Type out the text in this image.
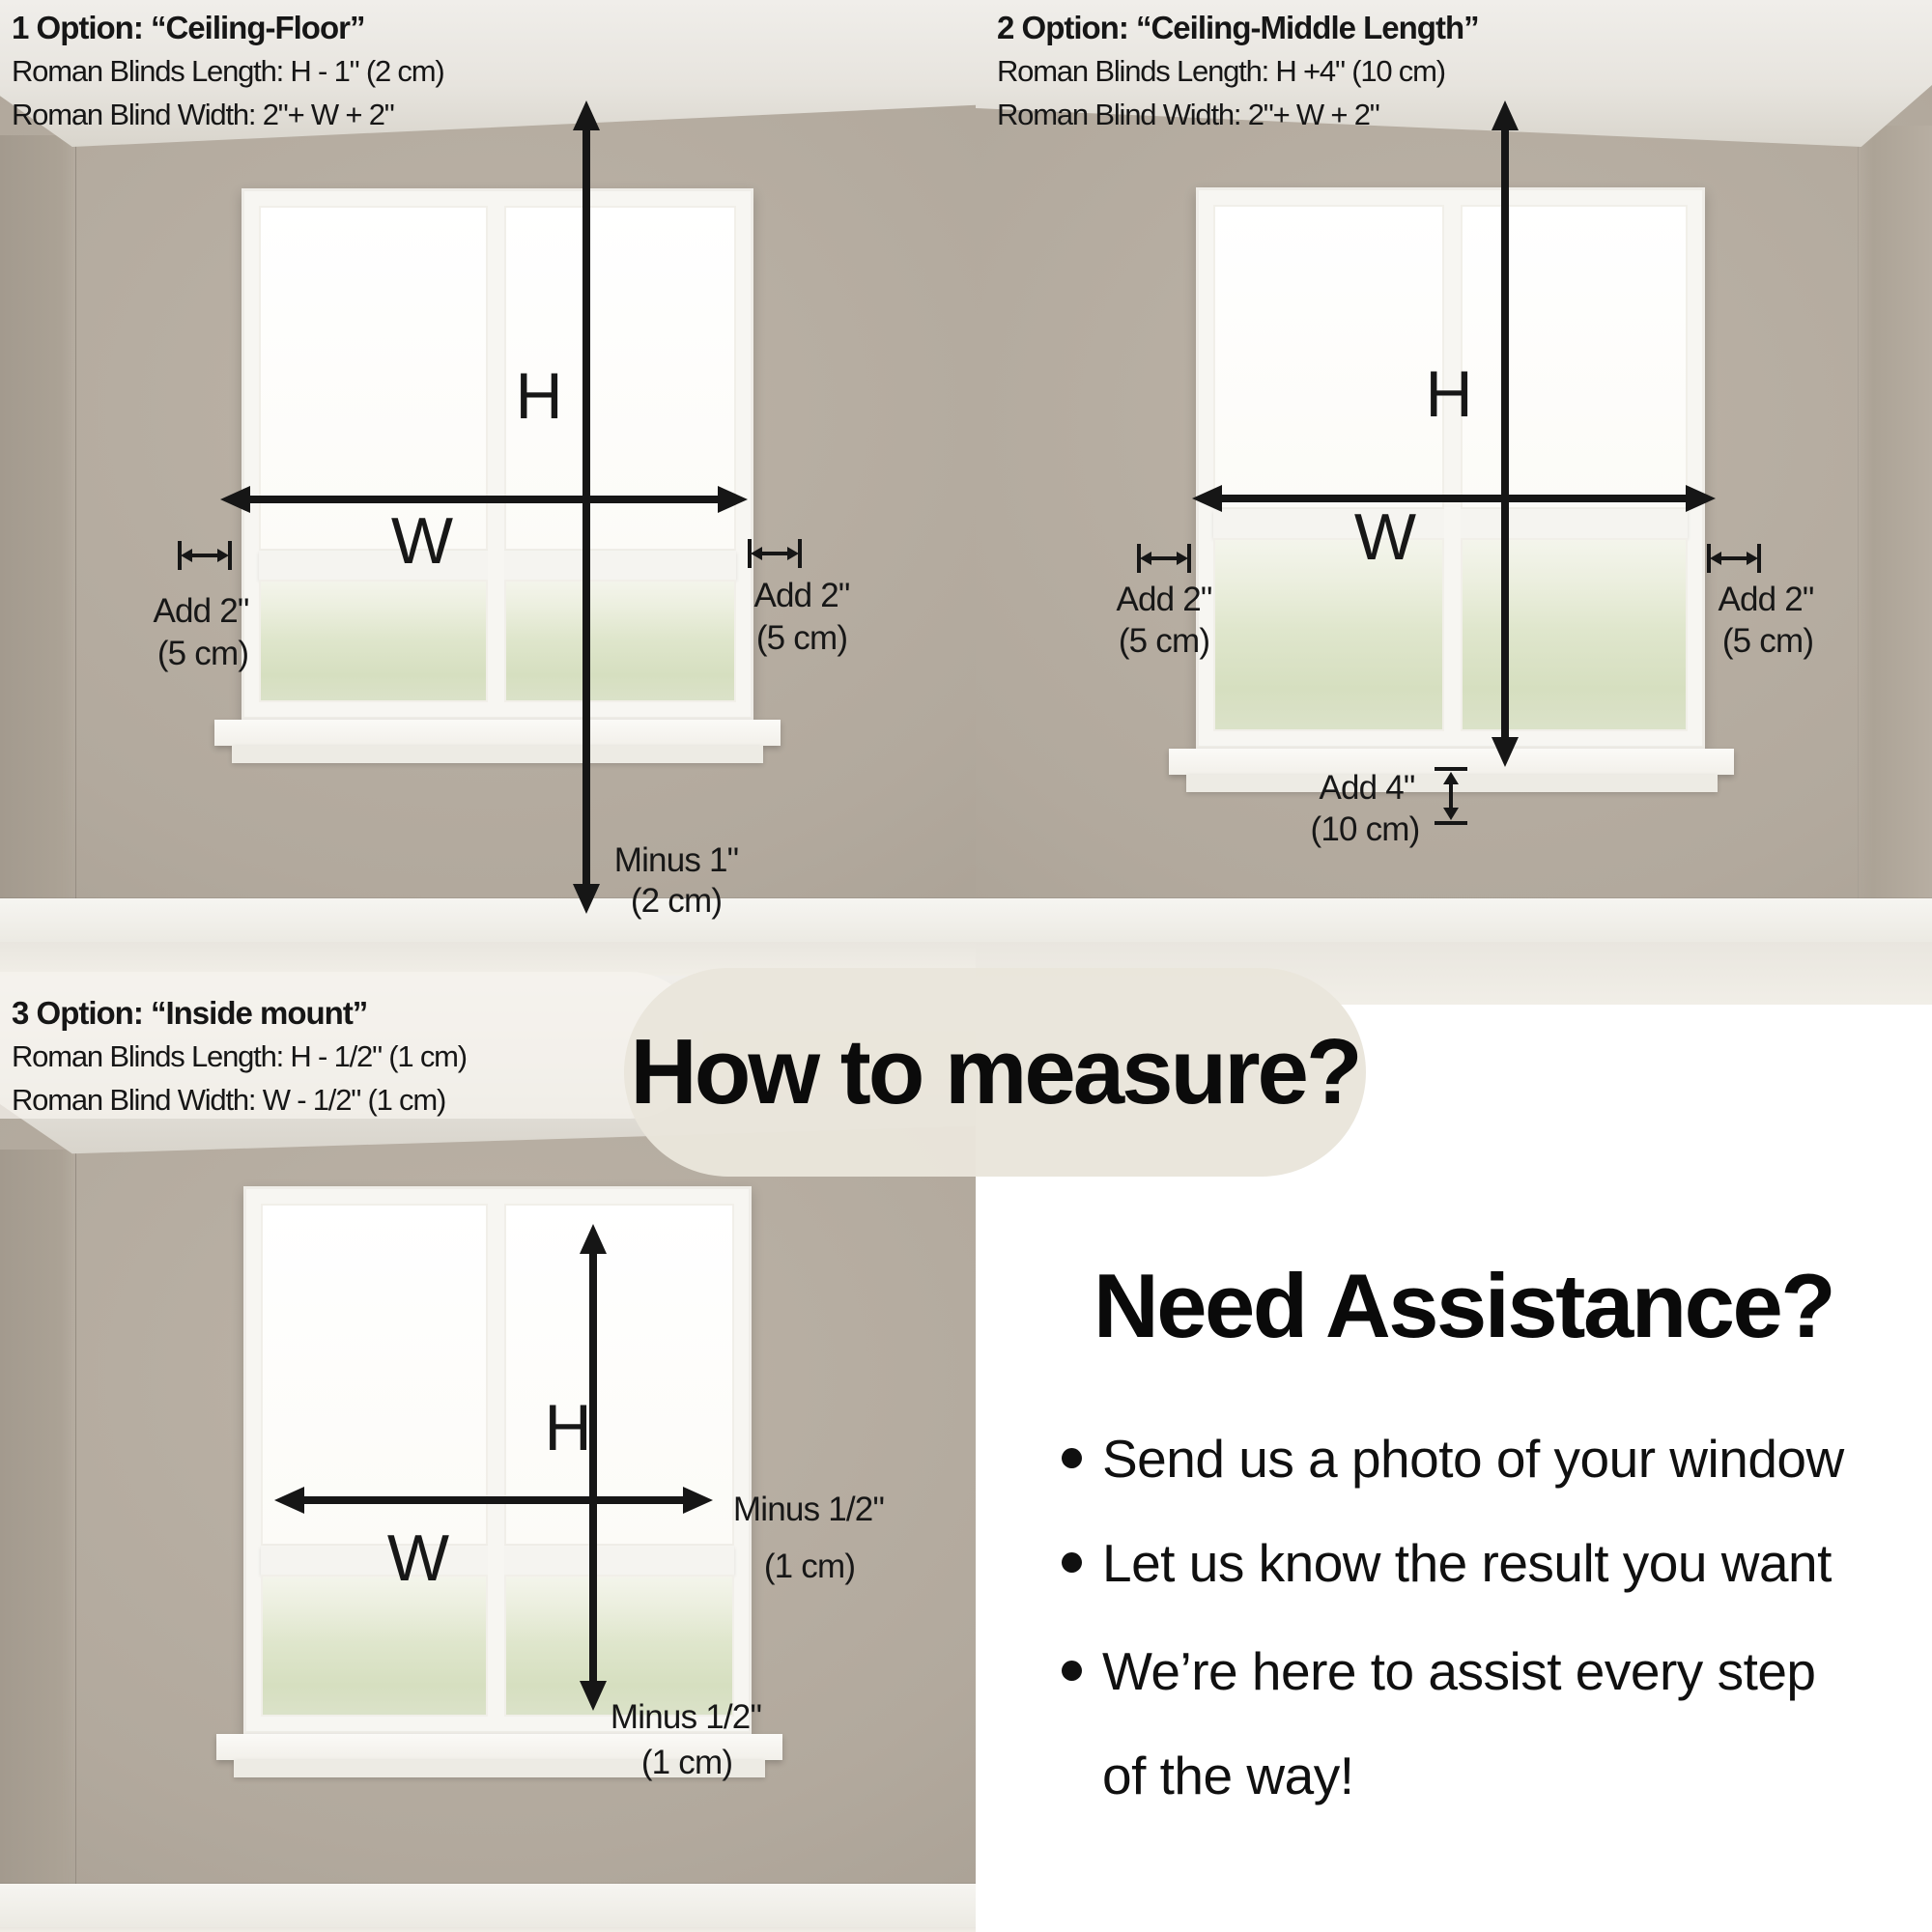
1 Option: “Ceiling-Floor”
Roman Blinds Length: H - 1" (2 cm)
Roman Blind Width: 2"+ W + 2"
H
W
Add 2"
(5 cm)
Add 2"
(5 cm)
Minus 1"
(2 cm)
2 Option: “Ceiling-Middle Length”
Roman Blinds Length: H +4" (10 cm)
Roman Blind Width: 2"+ W + 2"
H
W
Add 2"
(5 cm)
Add 2"
(5 cm)
Add 4"
(10 cm)
H
W
Minus 1/2"
(1 cm)
Minus 1/2"
(1 cm)
3 Option: “Inside mount”
Roman Blinds Length: H - 1/2" (1 cm)
Roman Blind Width: W - 1/2" (1 cm)
Need Assistance?
Send us a photo of your window
Let us know the result you want
We’re here to assist every step
of the way!
How to measure?
